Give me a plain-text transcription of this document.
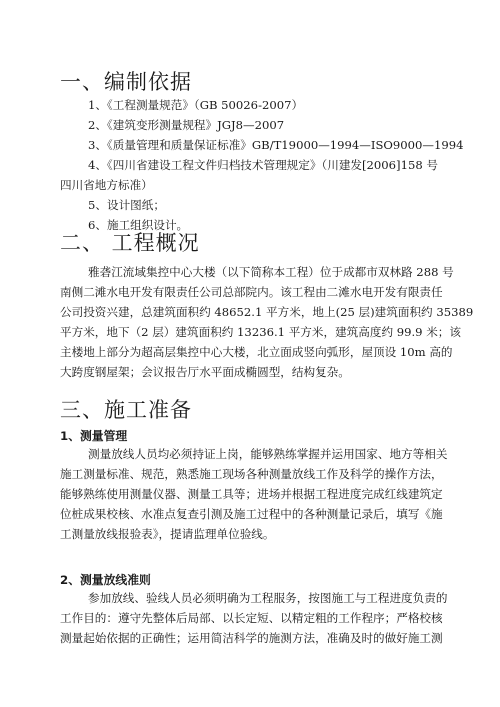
一、编制依据
1、《工程测量规范》（GB 50026-2007）
2、《建筑变形测量规程》JGJ8—2007
3、《质量管理和质量保证标准》GB/T19000—1994—ISO9000—1994
4、《四川省建设工程文件归档技术管理规定》（川建发[2006]158 号
四川省地方标准）
5、设计图纸；
6、施工组织设计。
二、 工程概况
雅砻江流域集控中心大楼（以下简称本工程）位于成都市双林路 288 号
南侧二滩水电开发有限责任公司总部院内。该工程由二滩水电开发有限责任
公司投资兴建，总建筑面积约 48652.1 平方米，地上(25 层)建筑面积约 35389
平方米，地下（2 层）建筑面积约 13236.1 平方米，建筑高度约 99.9 米；该
主楼地上部分为超高层集控中心大楼，北立面成竖向弧形，屋顶设 10m 高的
大跨度钢屋架；会议报告厅水平面成椭圆型，结构复杂。
三、施工准备
1、测量管理
测量放线人员均必须持证上岗，能够熟练掌握并运用国家、地方等相关
施工测量标准、规范，熟悉施工现场各种测量放线工作及科学的操作方法，
能够熟练使用测量仪器、测量工具等；进场并根据工程进度完成红线建筑定
位桩成果校核、水准点复查引测及施工过程中的各种测量记录后，填写《施
工测量放线报验表》，提请监理单位验线。
2、测量放线准则
参加放线、验线人员必须明确为工程服务，按图施工与工程进度负责的
工作目的：遵守先整体后局部、以长定短、以精定粗的工作程序；严格校核
测量起始依据的正确性；运用简洁科学的施测方法，准确及时的做好施工测
